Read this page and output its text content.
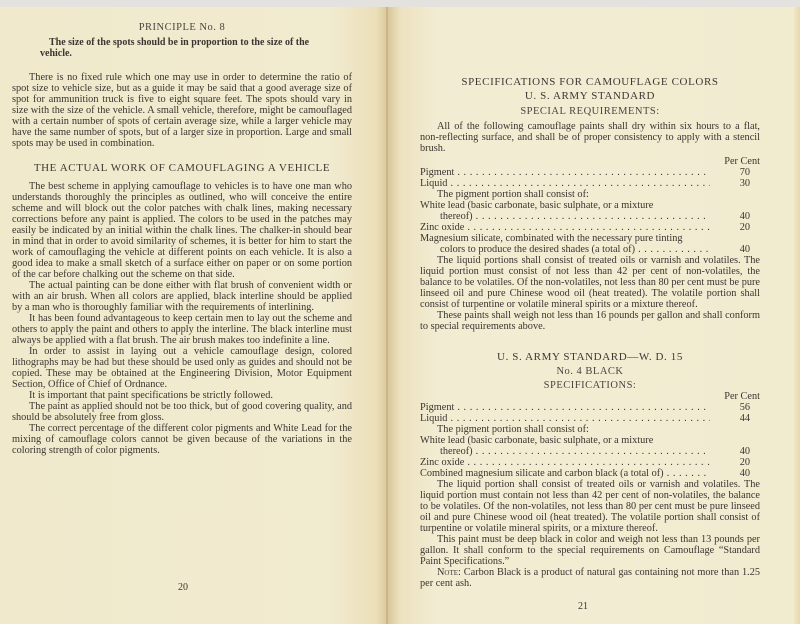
PRINCIPLE No. 8

The size of the spots should be in proportion to the size of the vehicle.

There is no fixed rule which one may use in order to determine the ratio of spot size to vehicle size, but as a guide it may be said that a good average size of spot for ammunition truck is five to eight square feet. The spots should vary in size with the size of the vehicle. A small vehicle, therefore, might be camouflaged with a certain number of spots of certain average size, while a larger vehicle may have the same number of spots, but of a larger size in proportion. Large and small spots may be used in combination.

THE ACTUAL WORK OF CAMOUFLAGING A VEHICLE

The best scheme in applying camouflage to vehicles is to have one man who understands thoroughly the principles as outlined, who will conceive the entire scheme and will block out the color patches with chalk lines, making necessary corrections before any paint is applied. The colors to be used in the patches may easily be indicated by an initial within the chalk lines. The chalker-in should bear in mind that in order to avoid similarity of schemes, it is better for him to start the work of camouflaging the vehicle at different points on each vehicle. It is also a good idea to make a small sketch of a surface either on paper or on some portion of the car before chalking out the scheme on that side.

The actual painting can be done either with flat brush of convenient width or with an air brush. When all colors are applied, black interline should be applied by a man who is thoroughly familiar with the requirements of interlining.

It has been found advantageous to keep certain men to lay out the scheme and others to apply the paint and others to apply the interline. The black interline must always be applied with a flat brush. The air brush makes too indefinite a line.

In order to assist in laying out a vehicle camouflage design, colored lithographs may be had but these should be used only as guides and should not be copied. These may be obtained at the Engineering Division, Motor Equipment Section, Office of Chief of Ordnance.

It is important that paint specifications be strictly followed.

The paint as applied should not be too thick, but of good covering quality, and should be absolutely free from gloss.

The correct percentage of the different color pigments and White Lead for the mixing of camouflage colors cannot be given because of the variations in the coloring strength of color pigments.

20

SPECIFICATIONS FOR CAMOUFLAGE COLORS

U. S. ARMY STANDARD

SPECIAL REQUIREMENTS:

All of the following camouflage paints shall dry within six hours to a flat, non-reflecting surface, and shall be of proper consistency to apply with a stencil brush.

Per Cent
Pigment . . .	70
Liquid . . .	30

The pigment portion shall consist of:

White lead (basic carbonate, basic sulphate, or a mixture
thereof) . . .	40
Zinc oxide . . .	20
Magnesium silicate, combinated with the necessary pure tinting
colors to produce the desired shades (a total of) . . .	40

The liquid portions shall consist of treated oils or varnish and volatiles. The liquid portion must consist of not less than 42 per cent of non-volatiles, the balance to be volatiles. Of the non-volatiles, not less than 80 per cent must be pure linseed oil and pure Chinese wood oil (heat treated). The volatile portion shall consist of turpentine or volatile mineral spirits or a mixture thereof.

These paints shall weigh not less than 16 pounds per gallon and shall conform to special requirements above.

U. S. ARMY STANDARD—W. D. 15

No. 4 BLACK

SPECIFICATIONS:

Per Cent
Pigment . . .	56
Liquid . . .	44

The pigment portion shall consist of:

White lead (basic carbonate, basic sulphate, or a mixture
thereof) . . .	40
Zinc oxide . . .	20
Combined magnesium silicate and carbon black (a total of) . . .	40

The liquid portion shall consist of treated oils or varnish and volatiles. The liquid portion must contain not less than 42 per cent of non-volatiles, the balance to be volatiles. Of the non-volatiles, not less than 80 per cent must be pure linseed oil and pure Chinese wood oil (heat treated). The volatile portion shall consist of turpentine or volatile mineral spirits, or a mixture thereof.

This paint must be deep black in color and weigh not less than 13 pounds per gallon. It shall conform to the special requirements on Camouflage “Standard Paint Specifications.”

Note: Carbon Black is a product of natural gas containing not more than 1.25 per cent ash.

21
